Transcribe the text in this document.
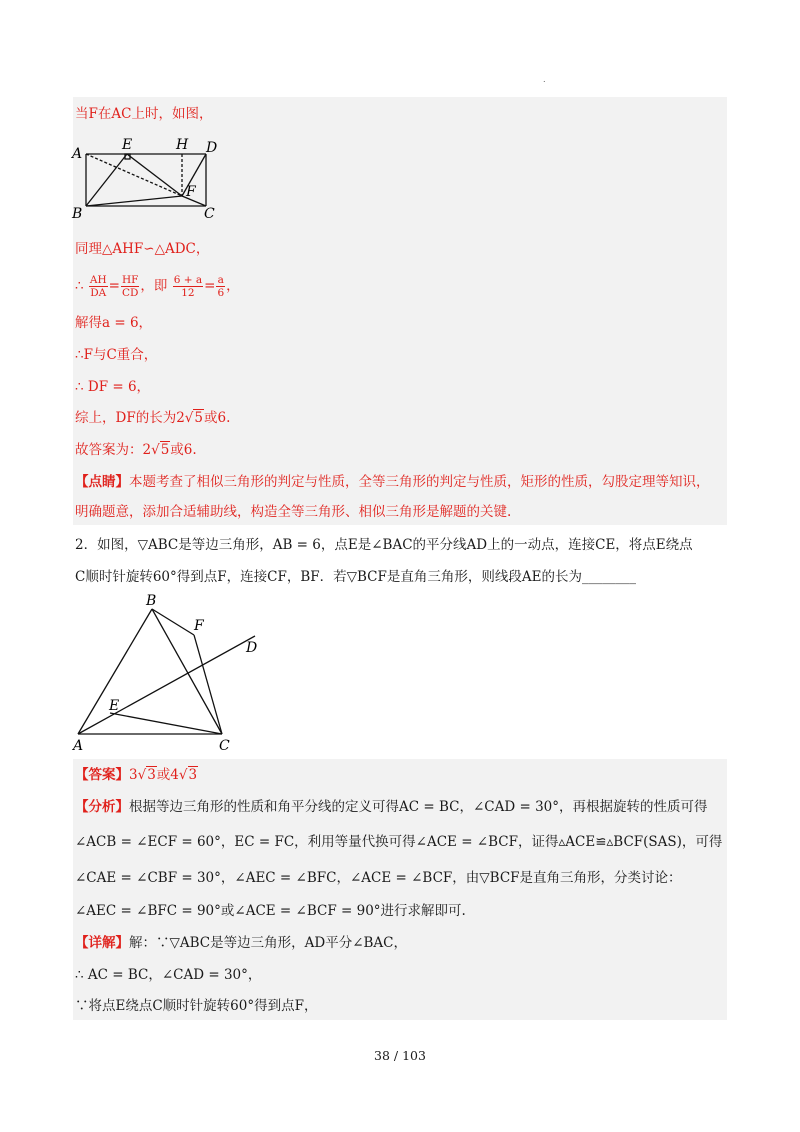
.
当F在AC上时，如图，
A
E	H D
F
B	C
同理△AHF∽△ADC，
∴ $\frac{AH}{DA} = \frac{HF}{CD}$ ，即 $\frac{6 + a}{12} = \frac{a}{6}$ ，
解得a = 6，
∴F与C重合，
∴ DF = 6，
综上，DF的长为2√5或6.
故答案为：2√5或6.
【点睛】本题考查了相似三角形的判定与性质，全等三角形的判定与性质，矩形的性质，勾股定理等知识，
明确题意，添加合适辅助线，构造全等三角形、相似三角形是解题的关键.
2．如图，▽ABC是等边三角形，AB = 6，点E是∠BAC的平分线AD上的一动点，连接CE，将点E绕点
C顺时针旋转60°得到点F，连接CF，BF．若▽BCF是直角三角形，则线段AE的长为________
B
F
D
E
A	C
【答案】3√3或4√3
【分析】根据等边三角形的性质和角平分线的定义可得AC = BC，∠CAD = 30°，再根据旋转的性质可得
∠ACB = ∠ECF = 60°，EC = FC，利用等量代换可得∠ACE = ∠BCF，证得▵ACE≌▵BCF(SAS)，可得
∠CAE = ∠CBF = 30°，∠AEC = ∠BFC，∠ACE = ∠BCF，由▽BCF是直角三角形，分类讨论：
∠AEC = ∠BFC = 90°或∠ACE = ∠BCF = 90°进行求解即可.
【详解】解：∵▽ABC是等边三角形，AD平分∠BAC，
∴ AC = BC，∠CAD = 30°，
∵将点E绕点C顺时针旋转60°得到点F，
38 / 103
